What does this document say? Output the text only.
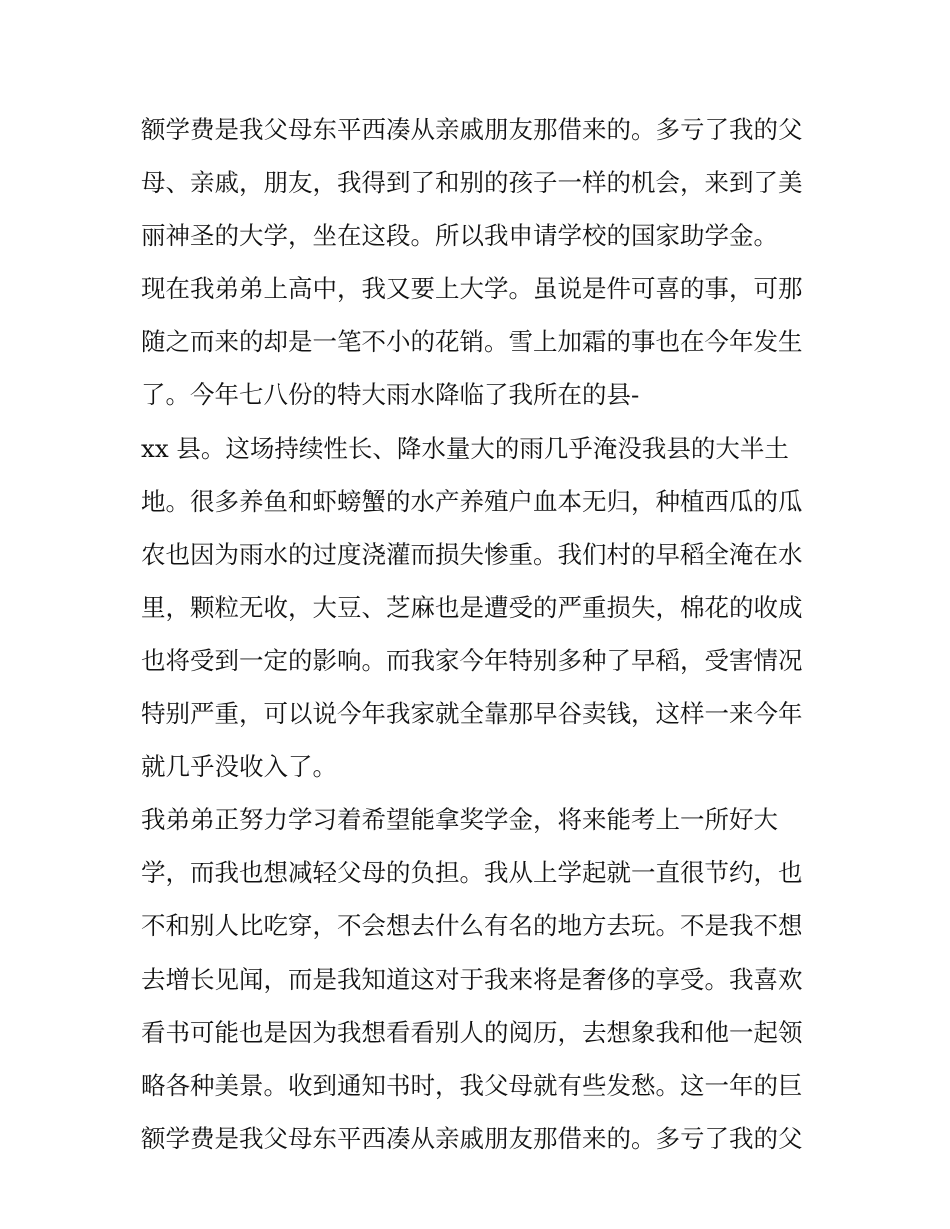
额学费是我父母东平西凑从亲戚朋友那借来的。多亏了我的父
母、亲戚，朋友，我得到了和别的孩子一样的机会，来到了美
丽神圣的大学，坐在这段。所以我申请学校的国家助学金。
现在我弟弟上高中，我又要上大学。虽说是件可喜的事，可那
随之而来的却是一笔不小的花销。雪上加霜的事也在今年发生
了。今年七八份的特大雨水降临了我所在的县-
xx 县。这场持续性长、降水量大的雨几乎淹没我县的大半土
地。很多养鱼和虾螃蟹的水产养殖户血本无归，种植西瓜的瓜
农也因为雨水的过度浇灌而损失惨重。我们村的早稻全淹在水
里，颗粒无收，大豆、芝麻也是遭受的严重损失，棉花的收成
也将受到一定的影响。而我家今年特别多种了早稻，受害情况
特别严重，可以说今年我家就全靠那早谷卖钱，这样一来今年
就几乎没收入了。
我弟弟正努力学习着希望能拿奖学金，将来能考上一所好大
学，而我也想减轻父母的负担。我从上学起就一直很节约，也
不和别人比吃穿，不会想去什么有名的地方去玩。不是我不想
去增长见闻，而是我知道这对于我来将是奢侈的享受。我喜欢
看书可能也是因为我想看看别人的阅历，去想象我和他一起领
略各种美景。收到通知书时，我父母就有些发愁。这一年的巨
额学费是我父母东平西凑从亲戚朋友那借来的。多亏了我的父
